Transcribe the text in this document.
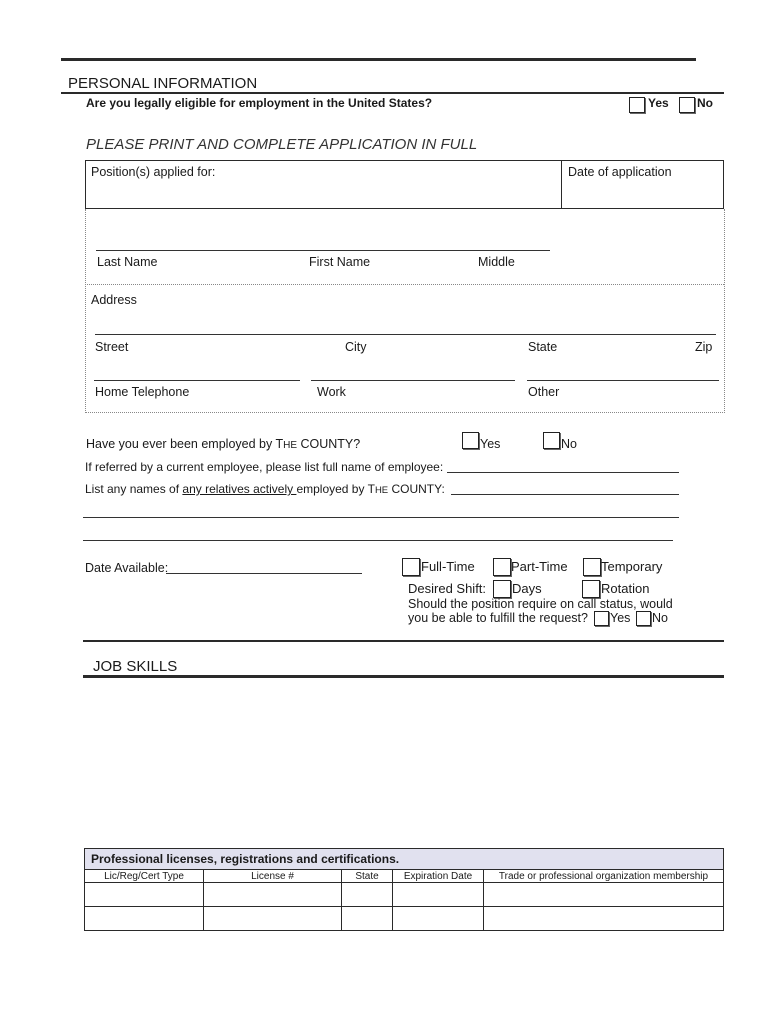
PERSONAL INFORMATION
Are you legally eligible for employment in the United States?	Yes No
PLEASE PRINT AND COMPLETE APPLICATION IN FULL
Position(s) applied for:	Date of application
Last Name	First Name	Middle
Address
Street	City	State	Zip
Home Telephone	Work	Other
Have you ever been employed by THE COUNTY?	Yes	No
If referred by a current employee, please list full name of employee:
List any names of any relatives actively employed by THE COUNTY:
Date Available:	Full-Time	Part-Time	Temporary
Desired Shift: Days	Rotation
Should the position require on call status, would
you be able to fulfill the request? Yes No
JOB SKILLS
Professional licenses, registrations and certifications.				
Lic/Reg/Cert Type	License #	State	Expiration Date	Trade or professional organization membership
